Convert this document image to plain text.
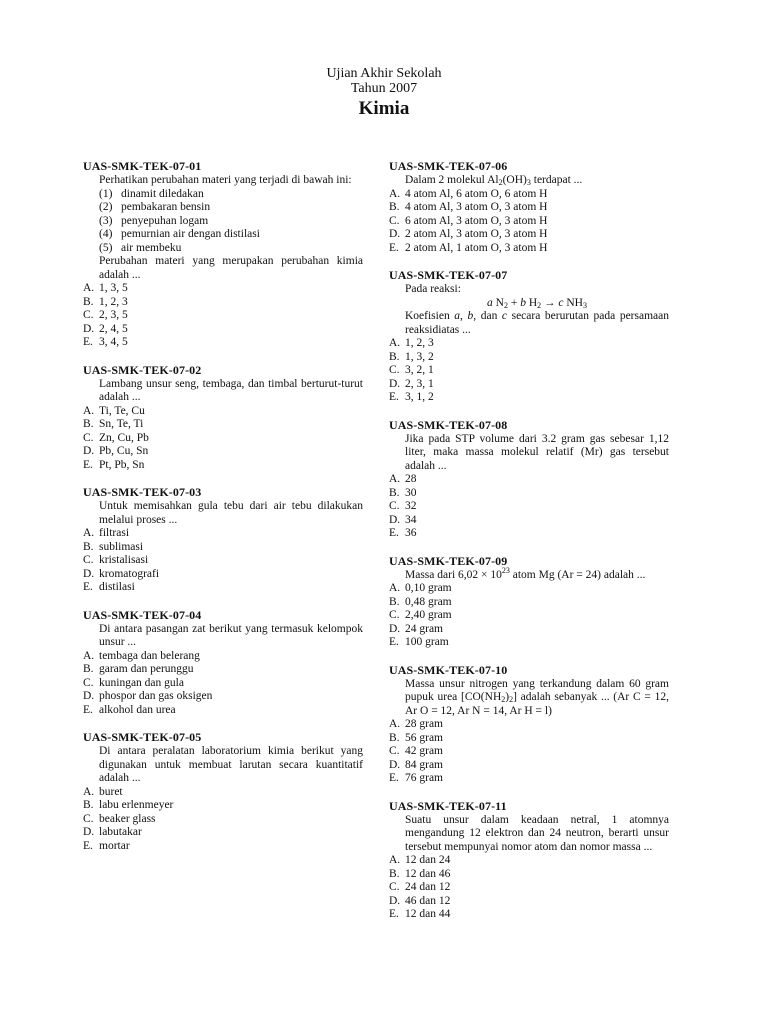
Ujian Akhir Sekolah
Tahun 2007
Kimia
UAS-SMK-TEK-07-01
Perhatikan perubahan materi yang terjadi di bawah ini:
(1) dinamit diledakan
(2) pembakaran bensin
(3) penyepuhan logam
(4) pemurnian air dengan distilasi
(5) air membeku
Perubahan materi yang merupakan perubahan kimia adalah ...
A. 1, 3, 5
B. 1, 2, 3
C. 2, 3, 5
D. 2, 4, 5
E. 3, 4, 5
UAS-SMK-TEK-07-02
Lambang unsur seng, tembaga, dan timbal berturut-turut adalah ...
A. Ti, Te, Cu
B. Sn, Te, Ti
C. Zn, Cu, Pb
D. Pb, Cu, Sn
E. Pt, Pb, Sn
UAS-SMK-TEK-07-03
Untuk memisahkan gula tebu dari air tebu dilakukan melalui proses ...
A. filtrasi
B. sublimasi
C. kristalisasi
D. kromatografi
E. distilasi
UAS-SMK-TEK-07-04
Di antara pasangan zat berikut yang termasuk kelompok unsur ...
A. tembaga dan belerang
B. garam dan perunggu
C. kuningan dan gula
D. phospor dan gas oksigen
E. alkohol dan urea
UAS-SMK-TEK-07-05
Di antara peralatan laboratorium kimia berikut yang digunakan untuk membuat larutan secara kuantitatif adalah ...
A. buret
B. labu erlenmeyer
C. beaker glass
D. labutakar
E. mortar
UAS-SMK-TEK-07-06
Dalam 2 molekul $Al_2(OH)_3$ terdapat ...
A. 4 atom Al, 6 atom O, 6 atom H
B. 4 atom Al, 3 atom O, 3 atom H
C. 6 atom Al, 3 atom O, 3 atom H
D. 2 atom Al, 3 atom O, 3 atom H
E. 2 atom Al, 1 atom O, 3 atom H
UAS-SMK-TEK-07-07
Pada reaksi:
a $N_2 + b$ $H_2 \to c$ $NH_3$
Koefisien a, b, dan c secara berurutan pada persamaan reaksidiatas ...
A. 1, 2, 3
B. 1, 3, 2
C. 3, 2, 1
D. 2, 3, 1
E. 3, 1, 2
UAS-SMK-TEK-07-08
Jika pada STP volume dari 3.2 gram gas sebesar 1,12 liter, maka massa molekul relatif (Mr) gas tersebut adalah ...
A. 28
B. 30
C. 32
D. 34
E. 36
UAS-SMK-TEK-07-09
Massa dari $6,02 \times 10^{23}$ atom Mg (Ar = 24) adalah ...
A. 0,10 gram
B. 0,48 gram
C. 2,40 gram
D. 24 gram
E. 100 gram
UAS-SMK-TEK-07-10
Massa unsur nitrogen yang terkandung dalam 60 gram pupuk urea $[CO(NH_2)_2]$ adalah sebanyak ... (Ar C = 12, Ar O = 12, Ar N = 14, Ar H = l)
A. 28 gram
B. 56 gram
C. 42 gram
D. 84 gram
E. 76 gram
UAS-SMK-TEK-07-11
Suatu unsur dalam keadaan netral, 1 atomnya mengandung 12 elektron dan 24 neutron, berarti unsur tersebut mempunyai nomor atom dan nomor massa ...
A. 12 dan 24
B. 12 dan 46
C. 24 dan 12
D. 46 dan 12
E. 12 dan 44
